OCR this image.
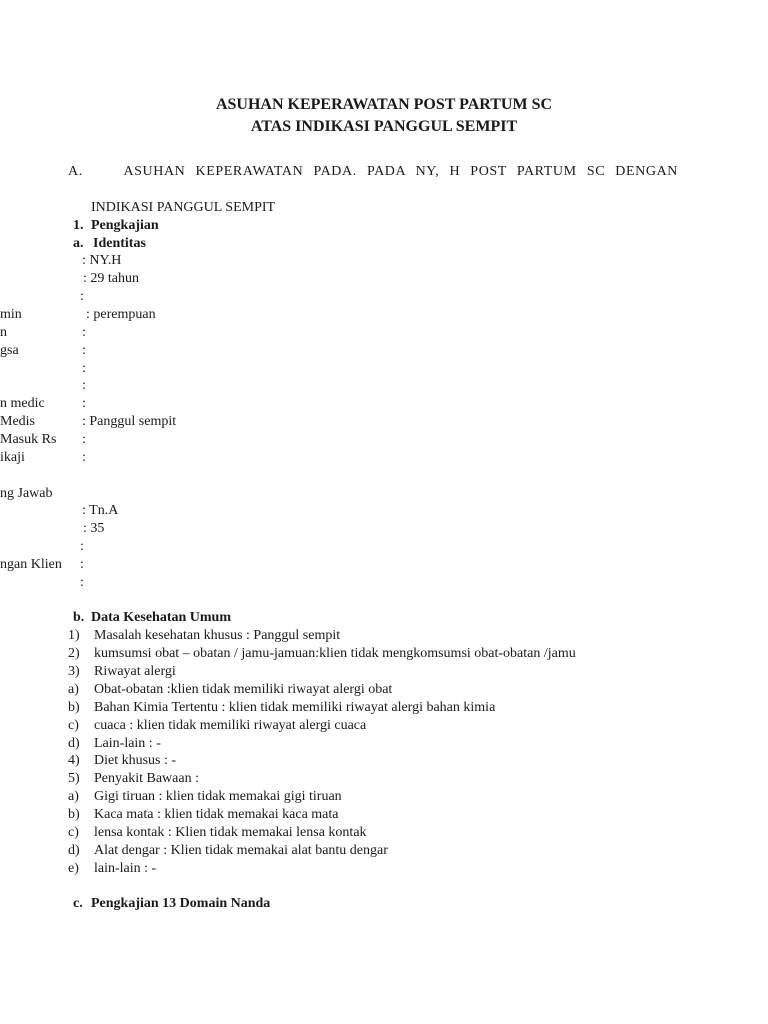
ASUHAN KEPERAWATAN POST PARTUM SC
ATAS INDIKASI PANGGUL SEMPIT
A.	ASUHAN KEPERAWATAN PADA. PADA NY, H POST PARTUM SC DENGAN
INDIKASI PANGGUL SEMPIT
1. Pengkajian
a. Identitas
min
n
gsa
n medic
Medis
Masuk Rs
ikaji
ng Jawab
ngan Klien
: NY.H
: 29 tahun
:
: perempuan
:
:
:
:
:
: Panggul sempit
:
:
: Tn.A
: 35
:
:
:
b. Data Kesehatan Umum
1) Masalah kesehatan khusus : Panggul sempit
2) kumsumsi obat – obatan / jamu-jamuan:klien tidak mengkomsumsi obat-obatan /jamu
3) Riwayat alergi
a) Obat-obatan :klien tidak memiliki riwayat alergi obat
b) Bahan Kimia Tertentu : klien tidak memiliki riwayat alergi bahan kimia
c) cuaca : klien tidak memiliki riwayat alergi cuaca
d) Lain-lain : -
4) Diet khusus : -
5) Penyakit Bawaan :
a) Gigi tiruan : klien tidak memakai gigi tiruan
b) Kaca mata : klien tidak memakai kaca mata
c) lensa kontak : Klien tidak memakai lensa kontak
d) Alat dengar : Klien tidak memakai alat bantu dengar
e) lain-lain : -
c. Pengkajian 13 Domain Nanda
